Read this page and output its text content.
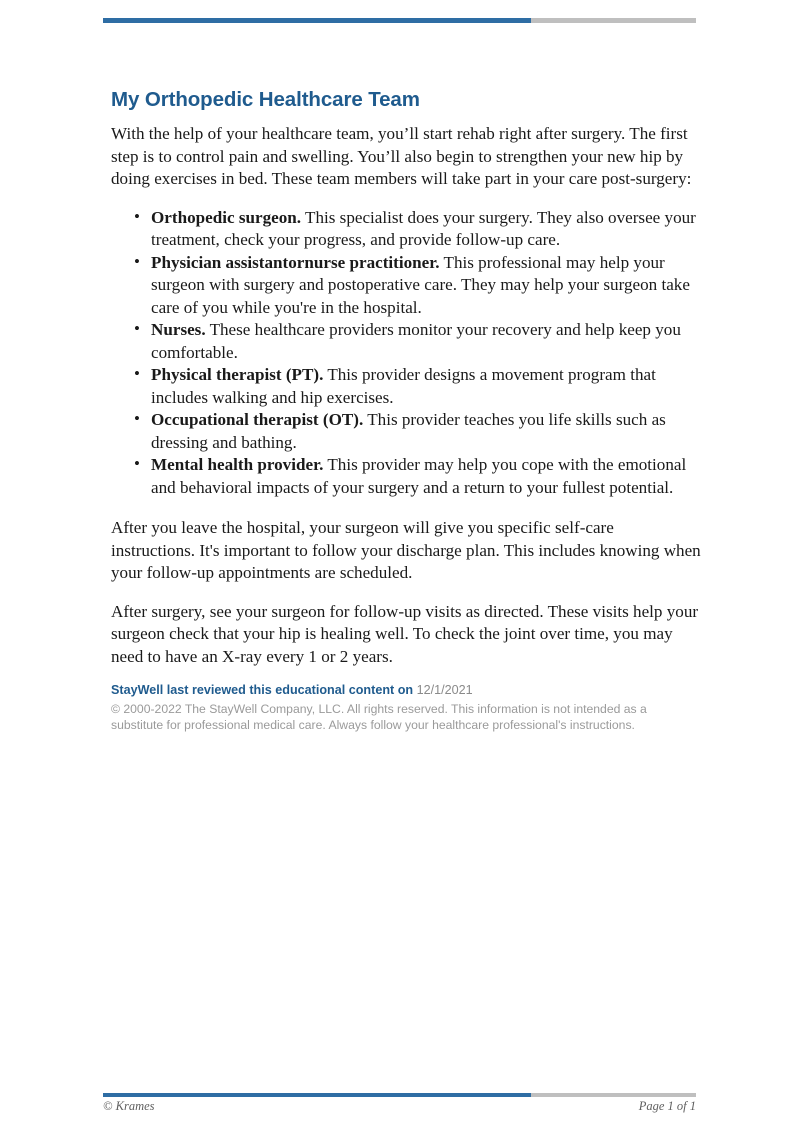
My Orthopedic Healthcare Team

With the help of your healthcare team, you’ll start rehab right after surgery. The first step is to control pain and swelling. You’ll also begin to strengthen your new hip by doing exercises in bed. These team members will take part in your care post-surgery:

• Orthopedic surgeon. This specialist does your surgery. They also oversee your treatment, check your progress, and provide follow-up care.
• Physician assistantornurse practitioner. This professional may help your surgeon with surgery and postoperative care. They may help your surgeon take care of you while you're in the hospital.
• Nurses. These healthcare providers monitor your recovery and help keep you comfortable.
• Physical therapist (PT). This provider designs a movement program that includes walking and hip exercises.
• Occupational therapist (OT). This provider teaches you life skills such as dressing and bathing.
• Mental health provider. This provider may help you cope with the emotional and behavioral impacts of your surgery and a return to your fullest potential.

After you leave the hospital, your surgeon will give you specific self-care instructions. It's important to follow your discharge plan. This includes knowing when your follow-up appointments are scheduled.

After surgery, see your surgeon for follow-up visits as directed. These visits help your surgeon check that your hip is healing well. To check the joint over time, you may need to have an X-ray every 1 or 2 years.

StayWell last reviewed this educational content on 12/1/2021

© 2000-2022 The StayWell Company, LLC. All rights reserved. This information is not intended as a substitute for professional medical care. Always follow your healthcare professional's instructions.

© Krames	Page 1 of 1
